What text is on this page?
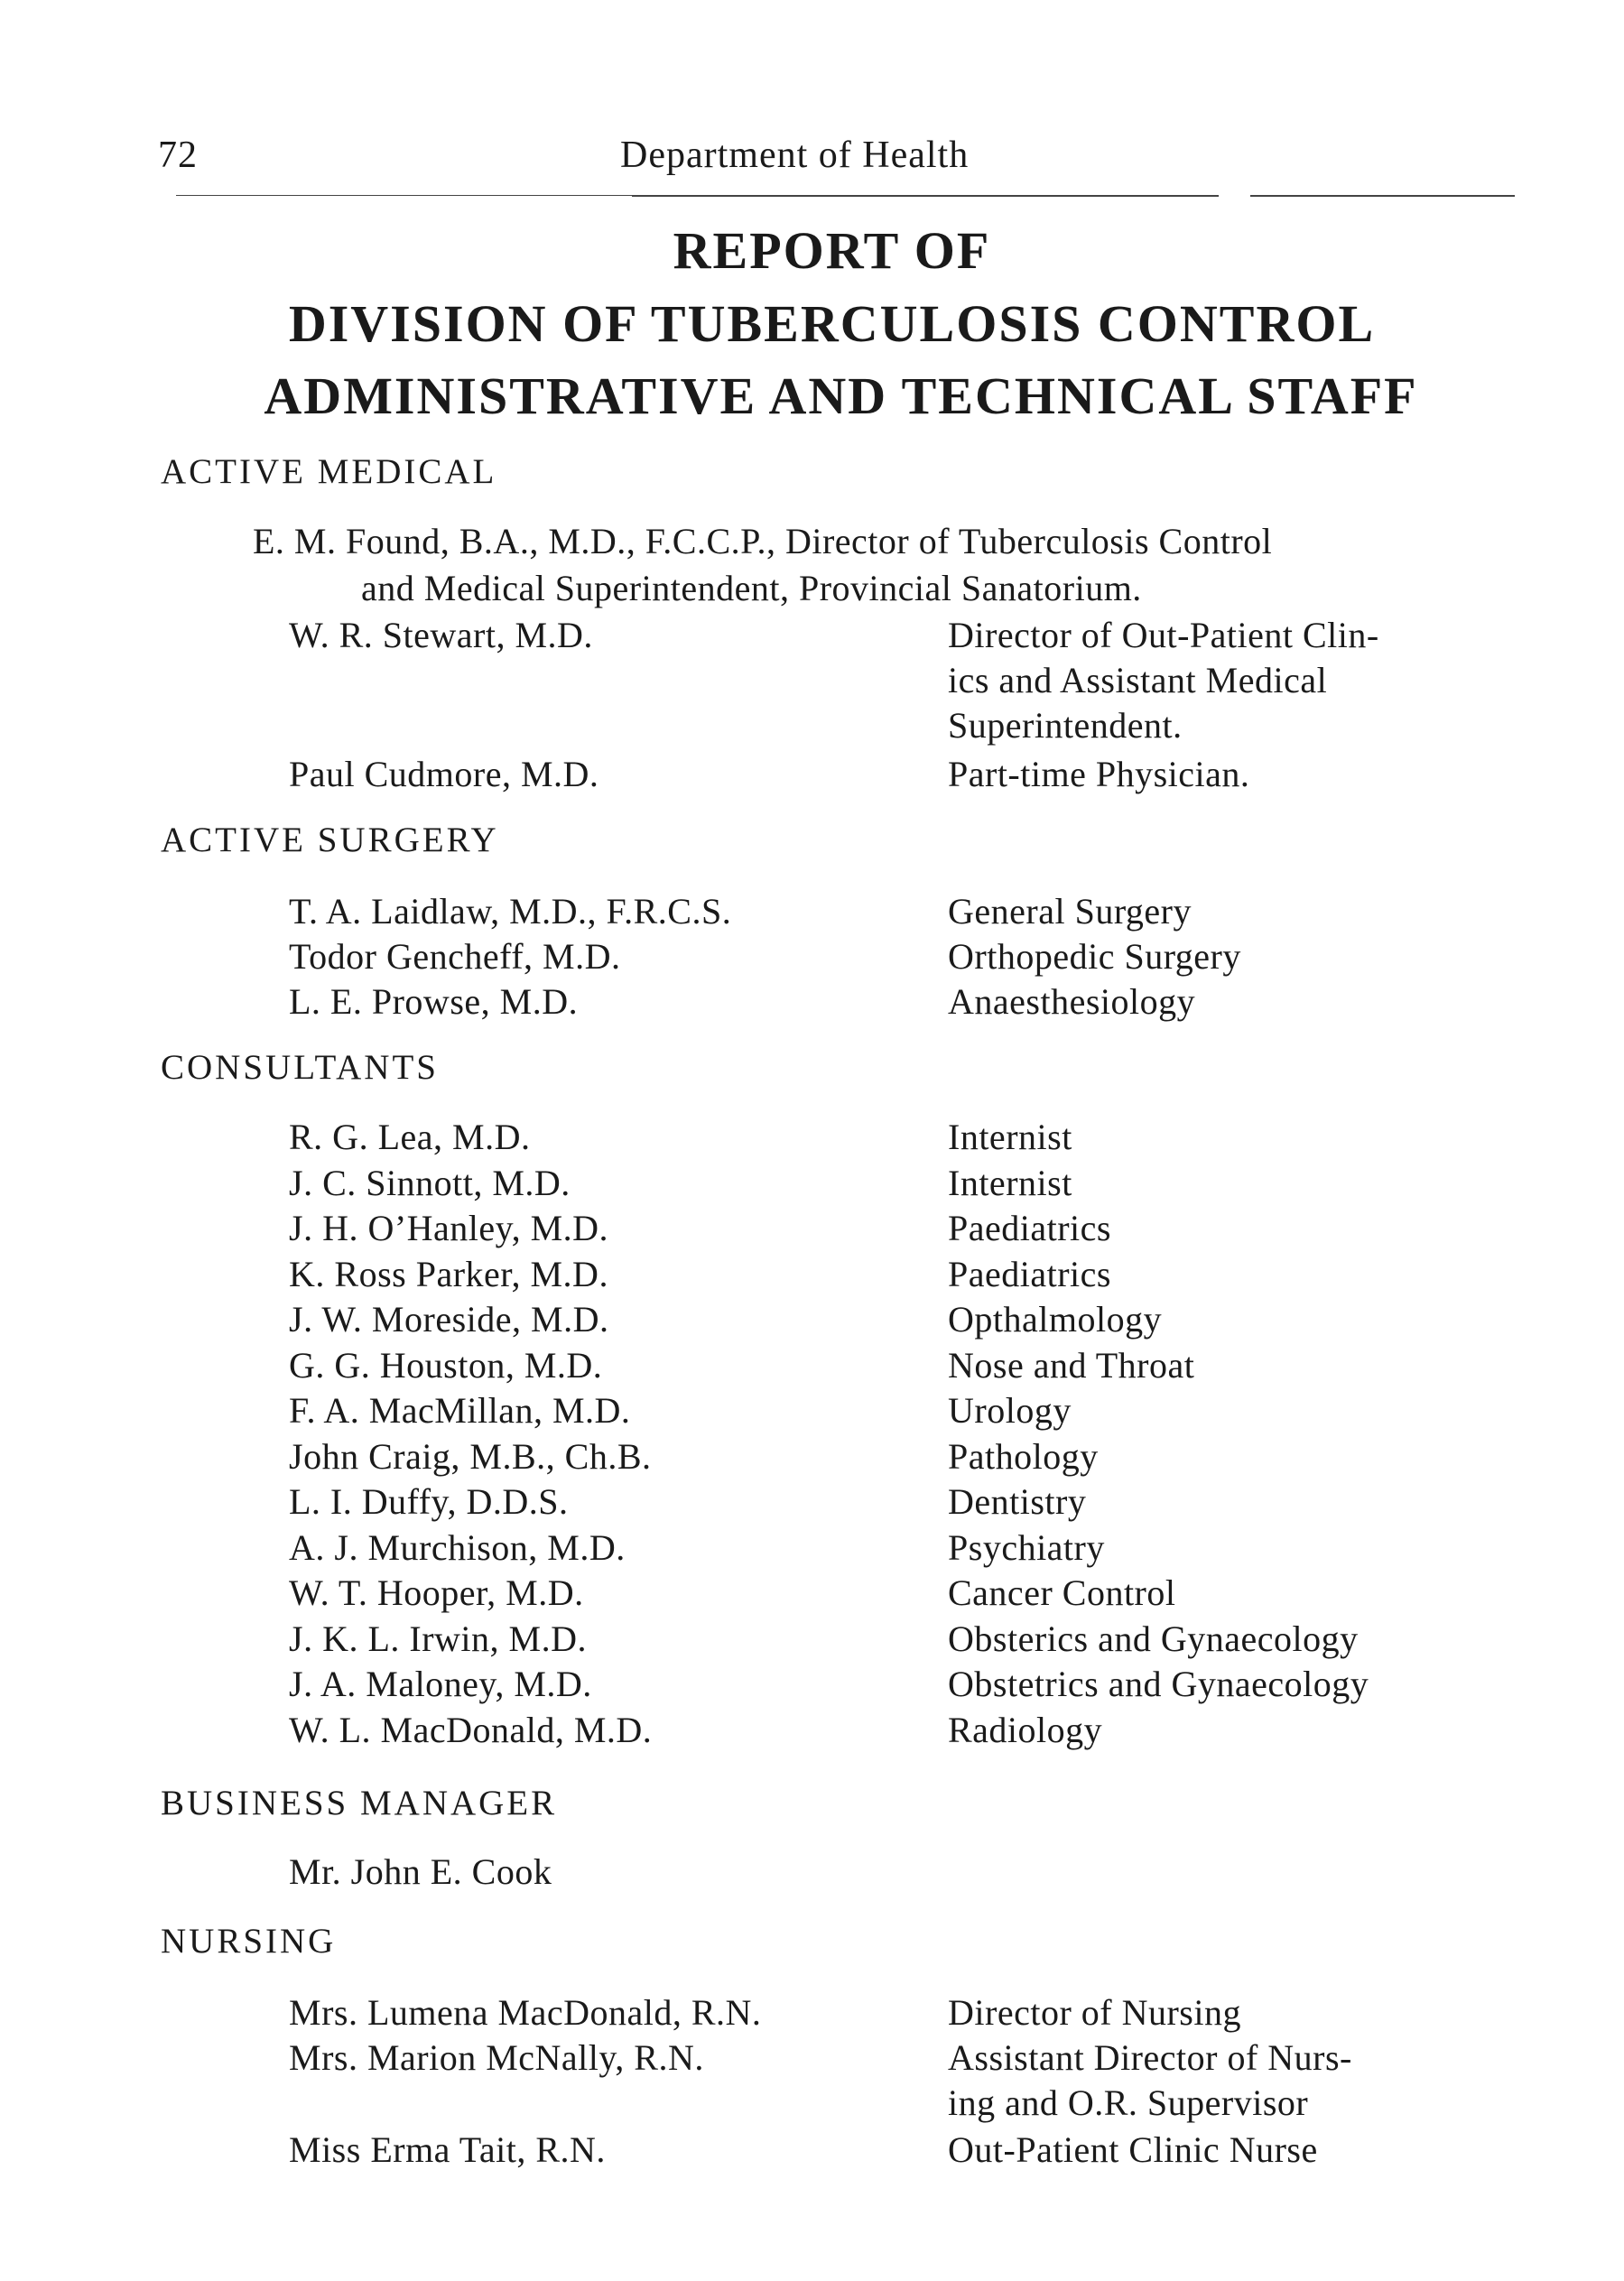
72	Department of Health
REPORT OF
DIVISION OF TUBERCULOSIS CONTROL
ADMINISTRATIVE AND TECHNICAL STAFF
ACTIVE MEDICAL
E. M. Found, B.A., M.D., F.C.C.P., Director of Tuberculosis Control
and Medical Superintendent, Provincial Sanatorium.
W. R. Stewart, M.D.	Director of Out-Patient Clin-
ics and Assistant Medical
Superintendent.
Paul Cudmore, M.D.	Part-time Physician.
ACTIVE SURGERY
T. A. Laidlaw, M.D., F.R.C.S.	General Surgery
Todor Gencheff, M.D.	Orthopedic Surgery
L. E. Prowse, M.D.	Anaesthesiology
CONSULTANTS
R. G. Lea, M.D.	Internist
J. C. Sinnott, M.D.	Internist
J. H. O’Hanley, M.D.	Paediatrics
K. Ross Parker, M.D.	Paediatrics
J. W. Moreside, M.D.	Opthalmology
G. G. Houston, M.D.	Nose and Throat
F. A. MacMillan, M.D.	Urology
John Craig, M.B., Ch.B.	Pathology
L. I. Duffy, D.D.S.	Dentistry
A. J. Murchison, M.D.	Psychiatry
W. T. Hooper, M.D.	Cancer Control
J. K. L. Irwin, M.D.	Obsterics and Gynaecology
J. A. Maloney, M.D.	Obstetrics and Gynaecology
W. L. MacDonald, M.D.	Radiology
BUSINESS MANAGER
Mr. John E. Cook
NURSING
Mrs. Lumena MacDonald, R.N.	Director of Nursing
Mrs. Marion McNally, R.N.	Assistant Director of Nurs-
ing and O.R. Supervisor
Miss Erma Tait, R.N.	Out-Patient Clinic Nurse
